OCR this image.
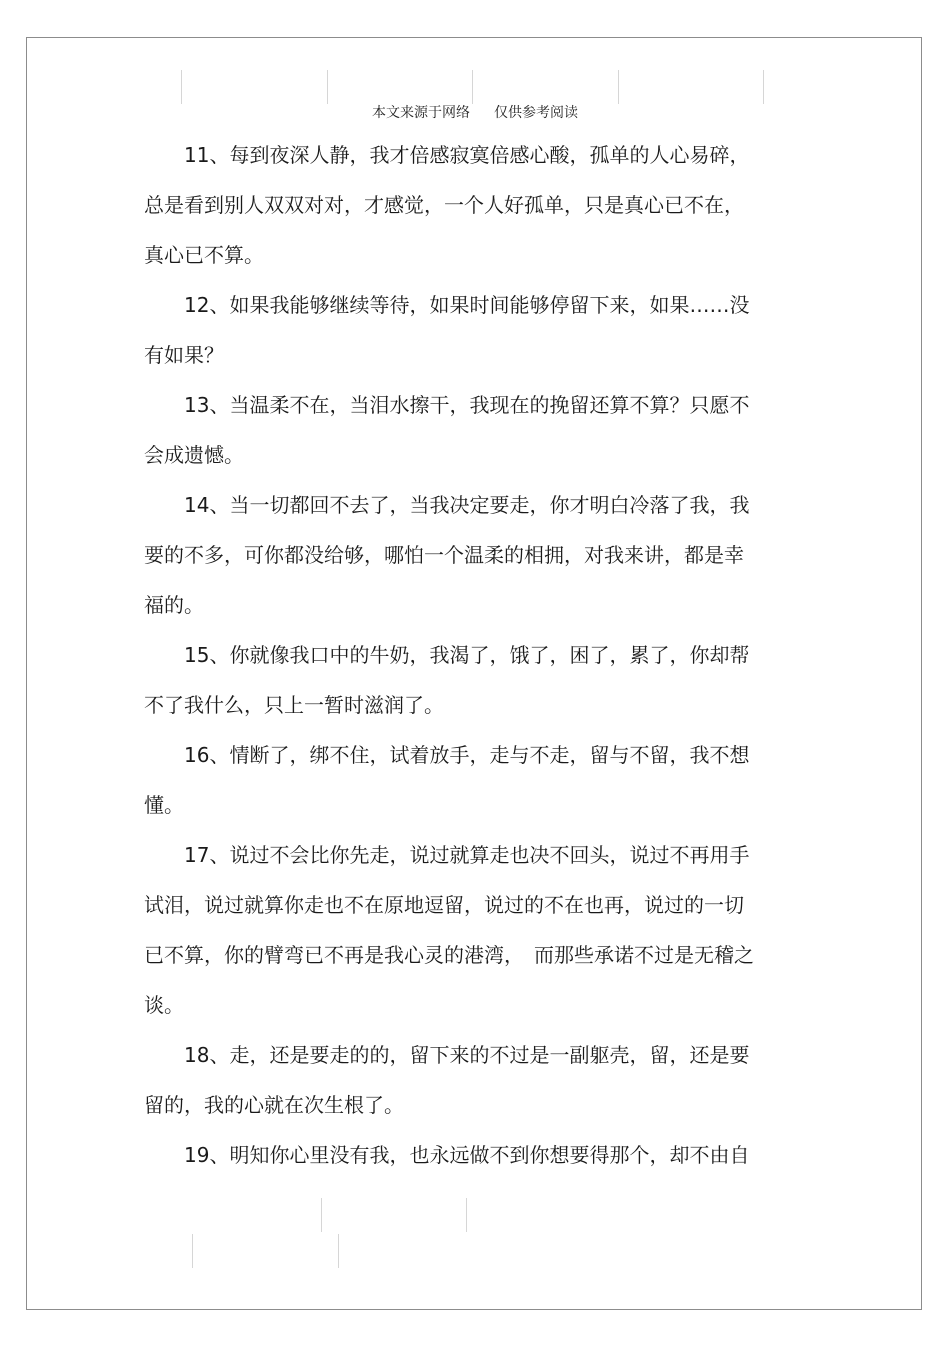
本文来源于网络 仅供参考阅读

11、每到夜深人静，我才倍感寂寞倍感心酸，孤单的人心易碎，
总是看到别人双双对对，才感觉，一个人好孤单，只是真心已不在，
真心已不算。

12、如果我能够继续等待，如果时间能够停留下来，如果……没
有如果？

13、当温柔不在，当泪水擦干，我现在的挽留还算不算？只愿不
会成遗憾。

14、当一切都回不去了，当我决定要走，你才明白冷落了我，我
要的不多，可你都没给够，哪怕一个温柔的相拥，对我来讲，都是幸
福的。

15、你就像我口中的牛奶，我渴了，饿了，困了，累了，你却帮
不了我什么，只上一暂时滋润了。

16、情断了，绑不住，试着放手，走与不走，留与不留，我不想
懂。

17、说过不会比你先走，说过就算走也决不回头，说过不再用手
试泪，说过就算你走也不在原地逗留，说过的不在也再，说过的一切
已不算，你的臂弯已不再是我心灵的港湾，　而那些承诺不过是无稽之
谈。

18、走，还是要走的的，留下来的不过是一副躯壳，留，还是要
留的，我的心就在次生根了。

19、明知你心里没有我，也永远做不到你想要得那个，却不由自
